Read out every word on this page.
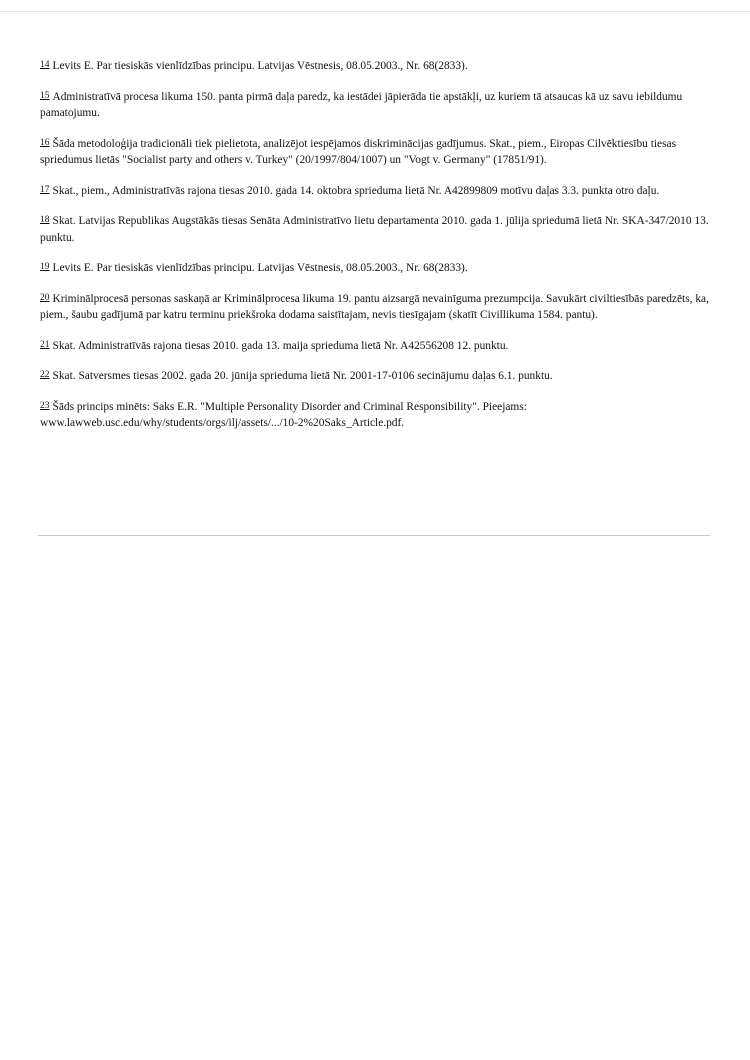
14 Levits E. Par tiesiskās vienlīdzības principu. Latvijas Vēstnesis, 08.05.2003., Nr. 68(2833).
15 Administratīvā procesa likuma 150. panta pirmā daļa paredz, ka iestādei jāpierāda tie apstākļi, uz kuriem tā atsaucas kā uz savu iebildumu pamatojumu.
16 Šāda metodoloģija tradicionāli tiek pielietota, analizējot iespējamos diskriminācijas gadījumus. Skat., piem., Eiropas Cilvēktiesību tiesas spriedumus lietās "Socialist party and others v. Turkey" (20/1997/804/1007) un "Vogt v. Germany" (17851/91).
17 Skat., piem., Administratīvās rajona tiesas 2010. gada 14. oktobra sprieduma lietā Nr. A42899809 motīvu daļas 3.3. punkta otro daļu.
18 Skat. Latvijas Republikas Augstākās tiesas Senāta Administratīvo lietu departamenta 2010. gada 1. jūlija spriedumā lietā Nr. SKA-347/2010 13. punktu.
19 Levits E. Par tiesiskās vienlīdzības principu. Latvijas Vēstnesis, 08.05.2003., Nr. 68(2833).
20 Kriminālprocesā personas saskaņā ar Kriminālprocesa likuma 19. pantu aizsargā nevainīguma prezumpcija. Savukārt civiltiesībās paredzēts, ka, piem., šaubu gadījumā par katru terminu priekšroka dodama saistītajam, nevis tiesīgajam (skatīt Civillikuma 1584. pantu).
21 Skat. Administratīvās rajona tiesas 2010. gada 13. maija sprieduma lietā Nr. A42556208 12. punktu.
22 Skat. Satversmes tiesas 2002. gada 20. jūnija sprieduma lietā Nr. 2001-17-0106 secinājumu daļas 6.1. punktu.
23 Šāds princips minēts: Saks E.R. "Multiple Personality Disorder and Criminal Responsibility". Pieejams: www.lawweb.usc.edu/why/students/orgs/ilj/assets/.../10-2%20Saks_Article.pdf.
